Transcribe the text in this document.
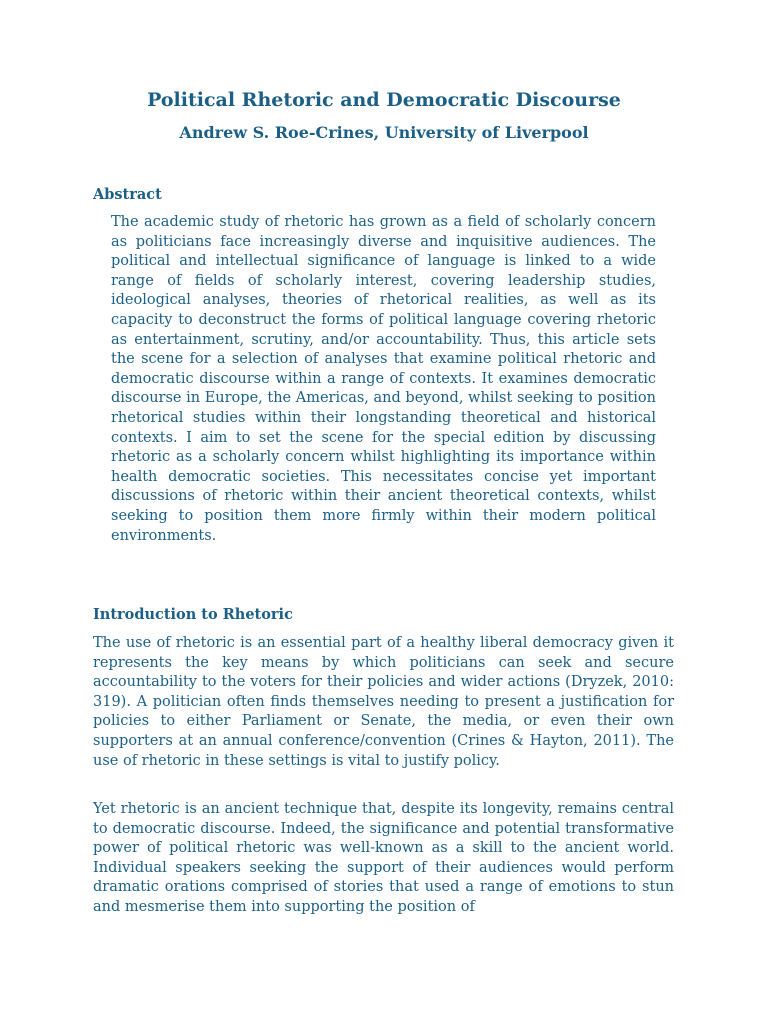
Political Rhetoric and Democratic Discourse
Andrew S. Roe-Crines, University of Liverpool
Abstract

The academic study of rhetoric has grown as a field of scholarly concern as politicians face increasingly diverse and inquisitive audiences. The political and intellectual significance of language is linked to a wide range of fields of scholarly interest, covering leadership studies, ideological analyses, theories of rhetorical realities, as well as its capacity to deconstruct the forms of political language covering rhetoric as entertainment, scrutiny, and/or accountability. Thus, this article sets the scene for a selection of analyses that examine political rhetoric and democratic discourse within a range of contexts. It examines democratic discourse in Europe, the Americas, and beyond, whilst seeking to position rhetorical studies within their longstanding theoretical and historical contexts. I aim to set the scene for the special edition by discussing rhetoric as a scholarly concern whilst highlighting its importance within health democratic societies. This necessitates concise yet important discussions of rhetoric within their ancient theoretical contexts, whilst seeking to position them more firmly within their modern political environments.

Introduction to Rhetoric

The use of rhetoric is an essential part of a healthy liberal democracy given it represents the key means by which politicians can seek and secure accountability to the voters for their policies and wider actions (Dryzek, 2010: 319). A politician often finds themselves needing to present a justification for policies to either Parliament or Senate, the media, or even their own supporters at an annual conference/convention (Crines & Hayton, 2011). The use of rhetoric in these settings is vital to justify policy.

Yet rhetoric is an ancient technique that, despite its longevity, remains central to democratic discourse. Indeed, the significance and potential transformative power of political rhetoric was well-known as a skill to the ancient world. Individual speakers seeking the support of their audiences would perform dramatic orations comprised of stories that used a range of emotions to stun and mesmerise them into supporting the position of
